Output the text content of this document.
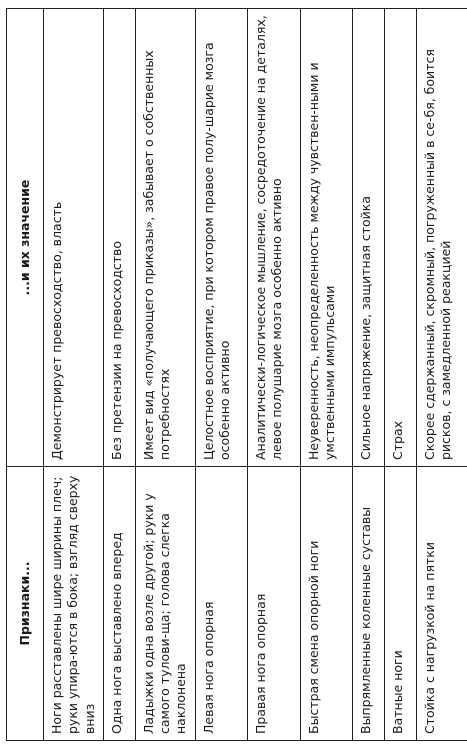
Признаки...	...и их значение
Ноги расставлены шире ширины плеч; руки упира-ются в бока; взгляд сверху вниз	Демонстрирует превосходство, власть
Одна нога выставлено вперед	Без претензии на превосходство
Ладыжки одна возле другой; руки у самого тулови-ща; голова слегка наклонена	Имеет вид «получающего приказы», забывает о собственных потребностях
Левая нога опорная	Целостное восприятие, при котором правое полу-шарие мозга особенно активно
Правая нога опорная	Аналитически-логическое мышление, сосредоточение на деталях, левое полушарие мозга особенно активно
Быстрая смена опорной ноги	Неуверенность, неопределенность между чувствен-ными и умственными импульсами
Выпрямленные коленные суставы	Сильное напряжение, защитная стойка
Ватные ноги	Страх
Стойка с нагрузкой на пятки	Скорее сдержанный, скромный, погруженный в се-бя, боится рисков, с замедленной реакцией
